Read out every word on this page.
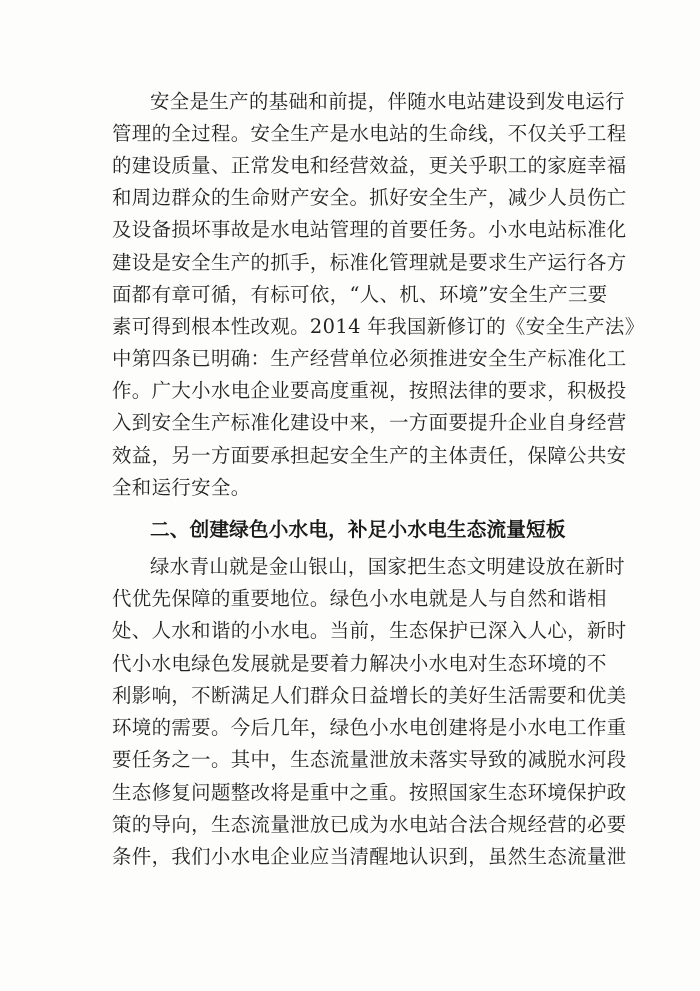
安全是生产的基础和前提，伴随水电站建设到发电运行
管理的全过程。安全生产是水电站的生命线，不仅关乎工程
的建设质量、正常发电和经营效益，更关乎职工的家庭幸福
和周边群众的生命财产安全。抓好安全生产，减少人员伤亡
及设备损坏事故是水电站管理的首要任务。小水电站标准化
建设是安全生产的抓手，标准化管理就是要求生产运行各方
面都有章可循，有标可依，“人、机、环境”安全生产三要
素可得到根本性改观。2014 年我国新修订的《安全生产法》
中第四条已明确：生产经营单位必须推进安全生产标准化工
作。广大小水电企业要高度重视，按照法律的要求，积极投
入到安全生产标准化建设中来，一方面要提升企业自身经营
效益，另一方面要承担起安全生产的主体责任，保障公共安
全和运行安全。
二、创建绿色小水电，补足小水电生态流量短板
绿水青山就是金山银山，国家把生态文明建设放在新时
代优先保障的重要地位。绿色小水电就是人与自然和谐相
处、人水和谐的小水电。当前，生态保护已深入人心，新时
代小水电绿色发展就是要着力解决小水电对生态环境的不
利影响，不断满足人们群众日益增长的美好生活需要和优美
环境的需要。今后几年，绿色小水电创建将是小水电工作重
要任务之一。其中，生态流量泄放未落实导致的减脱水河段
生态修复问题整改将是重中之重。按照国家生态环境保护政
策的导向，生态流量泄放已成为水电站合法合规经营的必要
条件，我们小水电企业应当清醒地认识到，虽然生态流量泄
